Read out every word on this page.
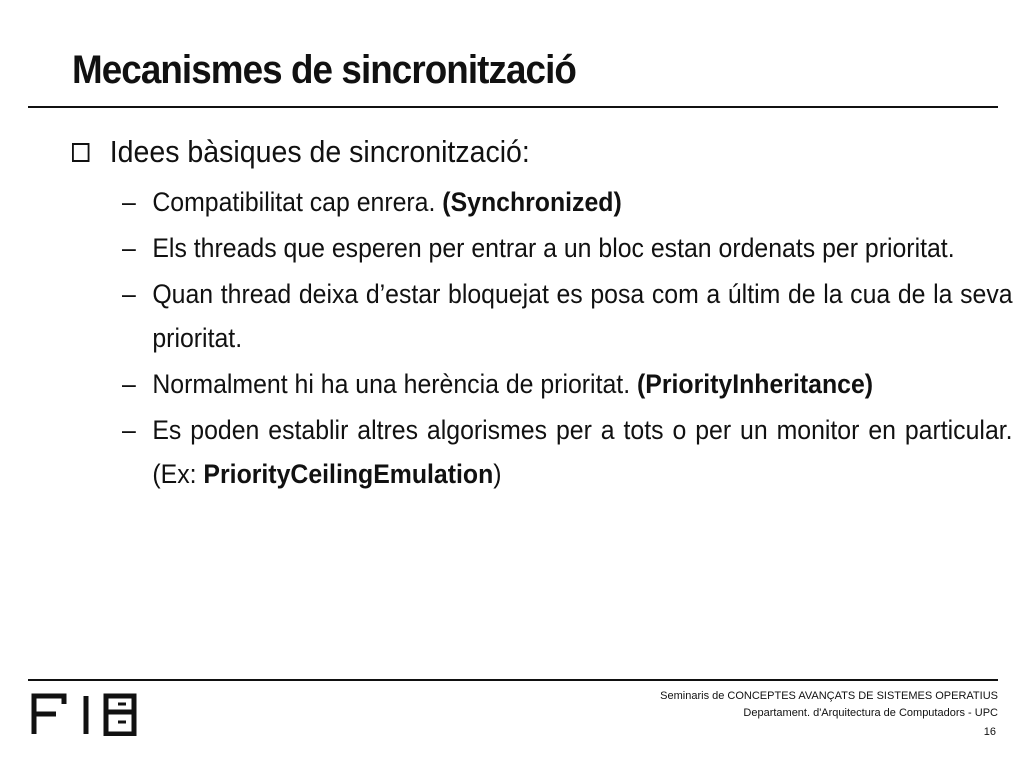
Mecanismes de sincronització
Idees bàsiques de sincronització:
– Compatibilitat cap enrera. (Synchronized)
– Els threads que esperen per entrar a un bloc estan ordenats per prioritat.
– Quan thread deixa d’estar bloquejat es posa com a últim de la cua de la seva prioritat.
– Normalment hi ha una herència de prioritat. (PriorityInheritance)
– Es poden establir altres algorismes per a tots o per un monitor en particular. (Ex: PriorityCeilingEmulation)
Seminaris de CONCEPTES AVANÇATS DE SISTEMES OPERATIUS
Departament. d'Arquitectura de Computadors - UPC
16
